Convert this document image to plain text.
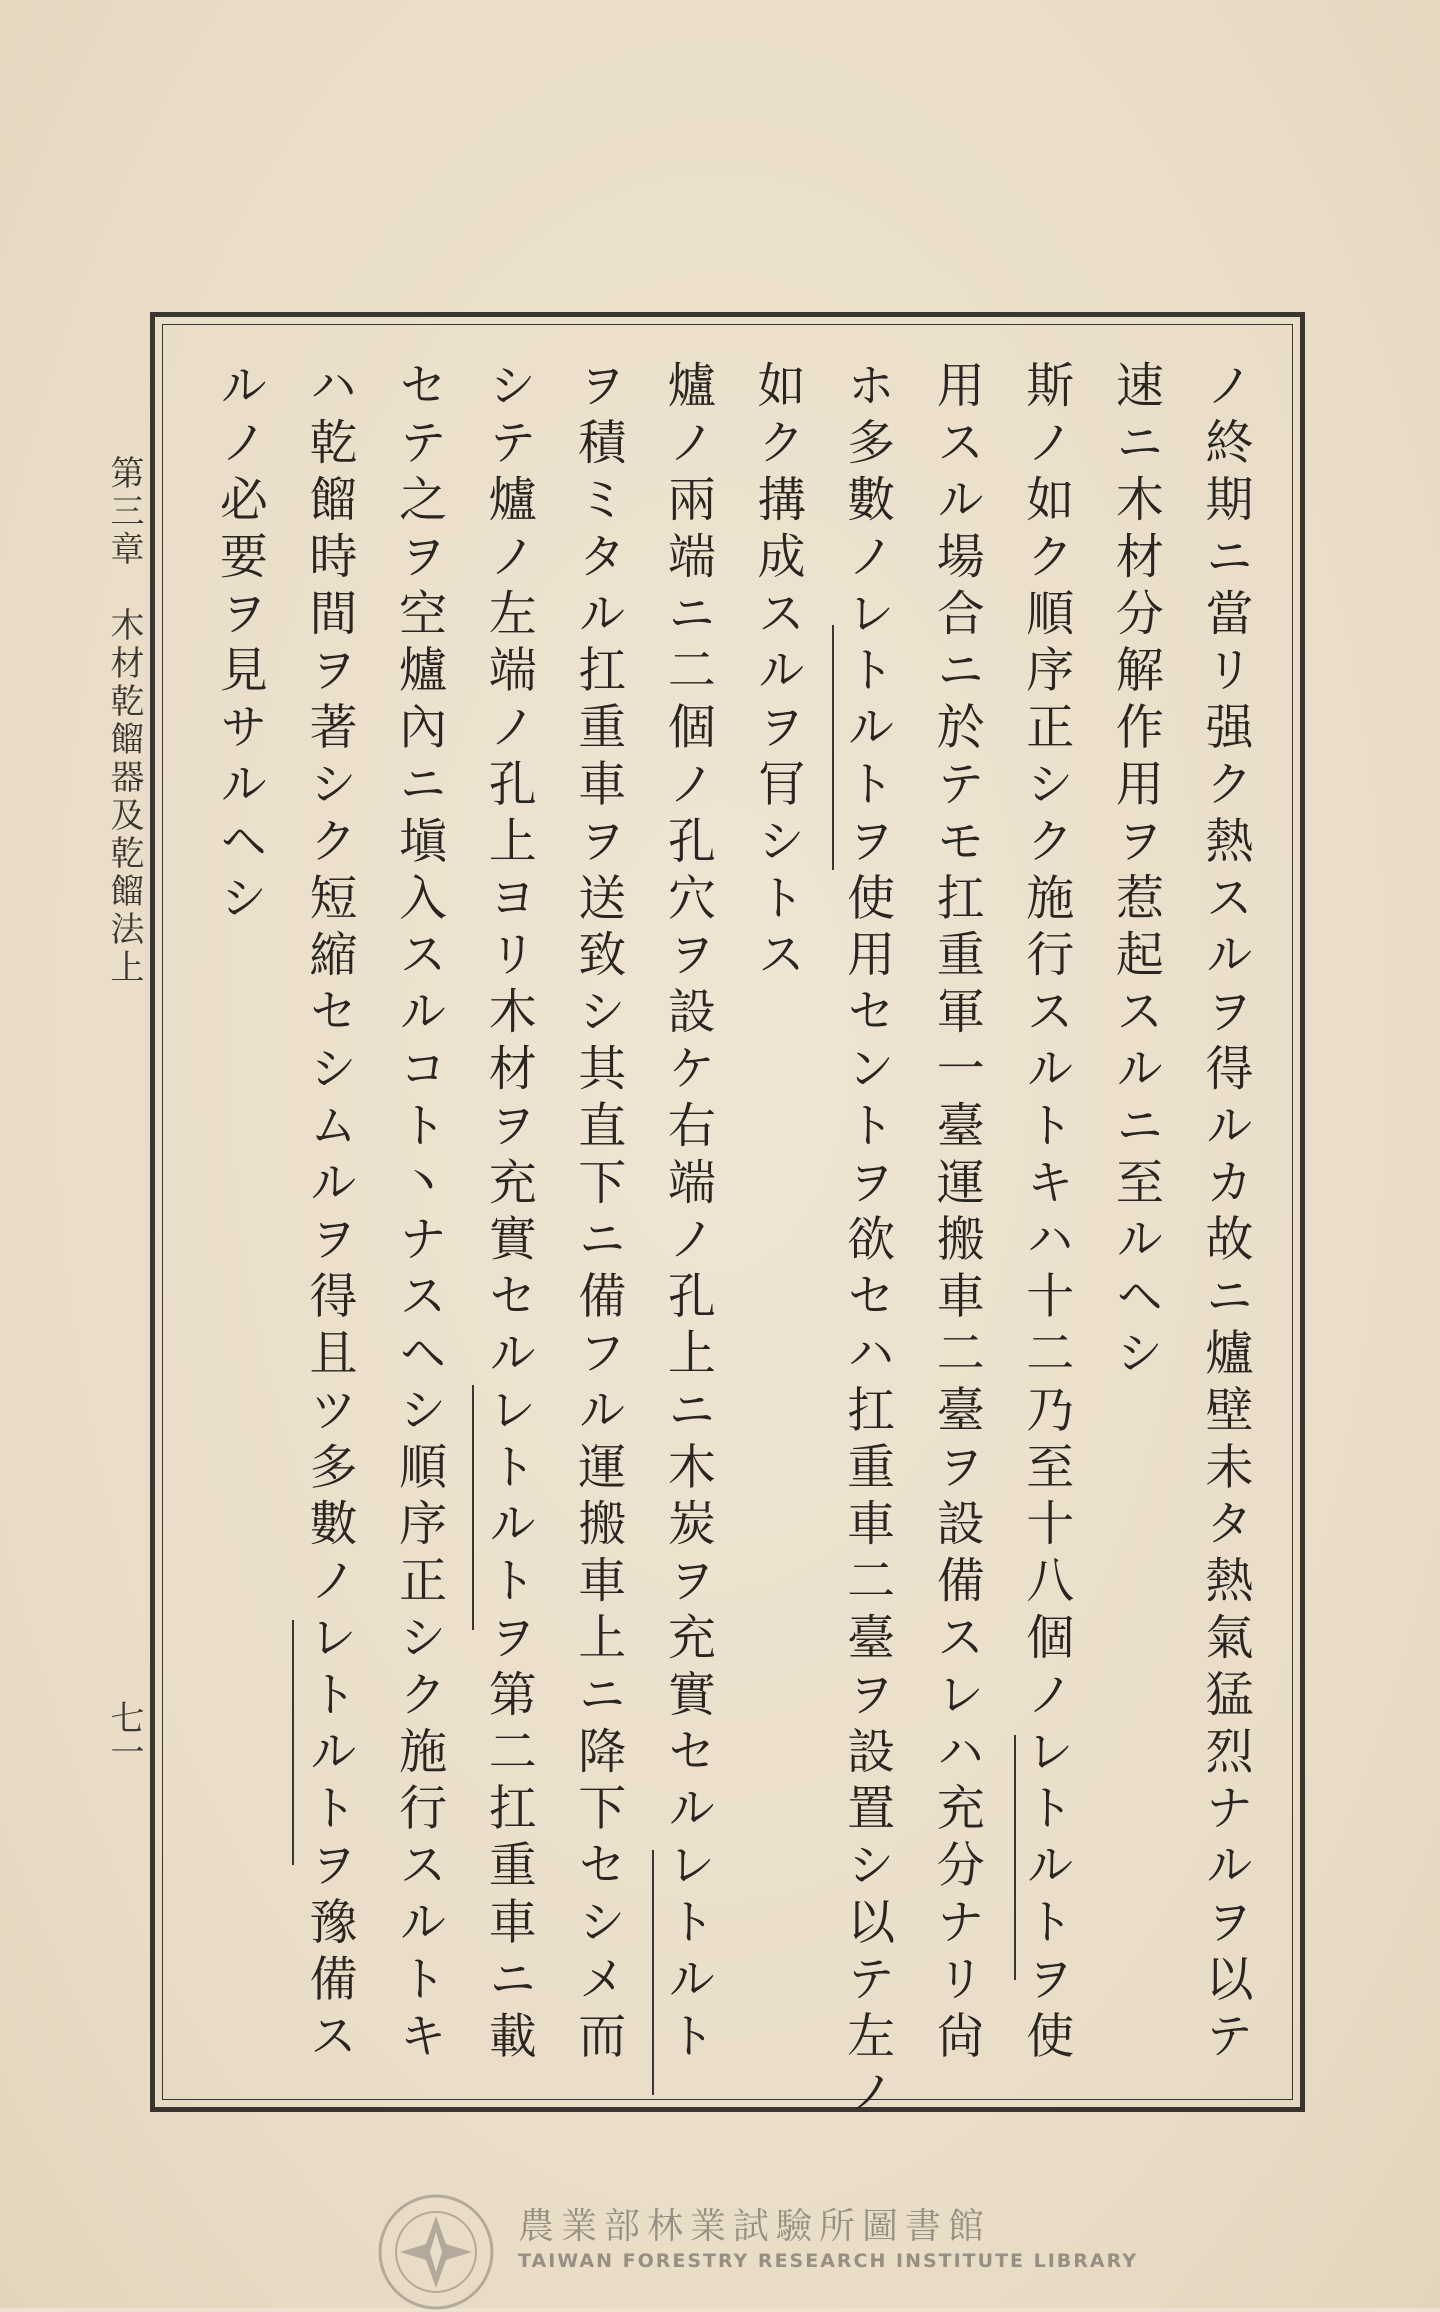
ノ終期ニ當リ强ク熱スルヲ得ルカ故ニ爐壁未タ熱氣猛烈ナルヲ以テ
速ニ木材分解作用ヲ惹起スルニ至ルヘシ
斯ノ如ク順序正シク施行スルトキハ十二乃至十八個ノレトルトヲ使
用スル場合ニ於テモ扛重軍一臺運搬車二臺ヲ設備スレハ充分ナリ尙
ホ多數ノレトルトヲ使用セントヲ欲セハ扛重車二臺ヲ設置シ以テ左ノ
如ク搆成スルヲ肎シトス
爐ノ兩端ニ二個ノ孔穴ヲ設ケ右端ノ孔上ニ木炭ヲ充實セルレトルト
ヲ積ミタル扛重車ヲ送致シ其直下ニ備フル運搬車上ニ降下セシメ而
シテ爐ノ左端ノ孔上ヨリ木材ヲ充實セルレトルトヲ第二扛重車ニ載
セテ之ヲ空爐內ニ塡入スルコト丶ナスヘシ順序正シク施行スルトキ
ハ乾餾時間ヲ著シク短縮セシムルヲ得且ツ多數ノレトルトヲ豫備ス
ルノ必要ヲ見サルヘシ
第三章　木材乾餾器及乾餾法上
七一
農業部林業試驗所圖書館
TAIWAN FORESTRY RESEARCH INSTITUTE LIBRARY
